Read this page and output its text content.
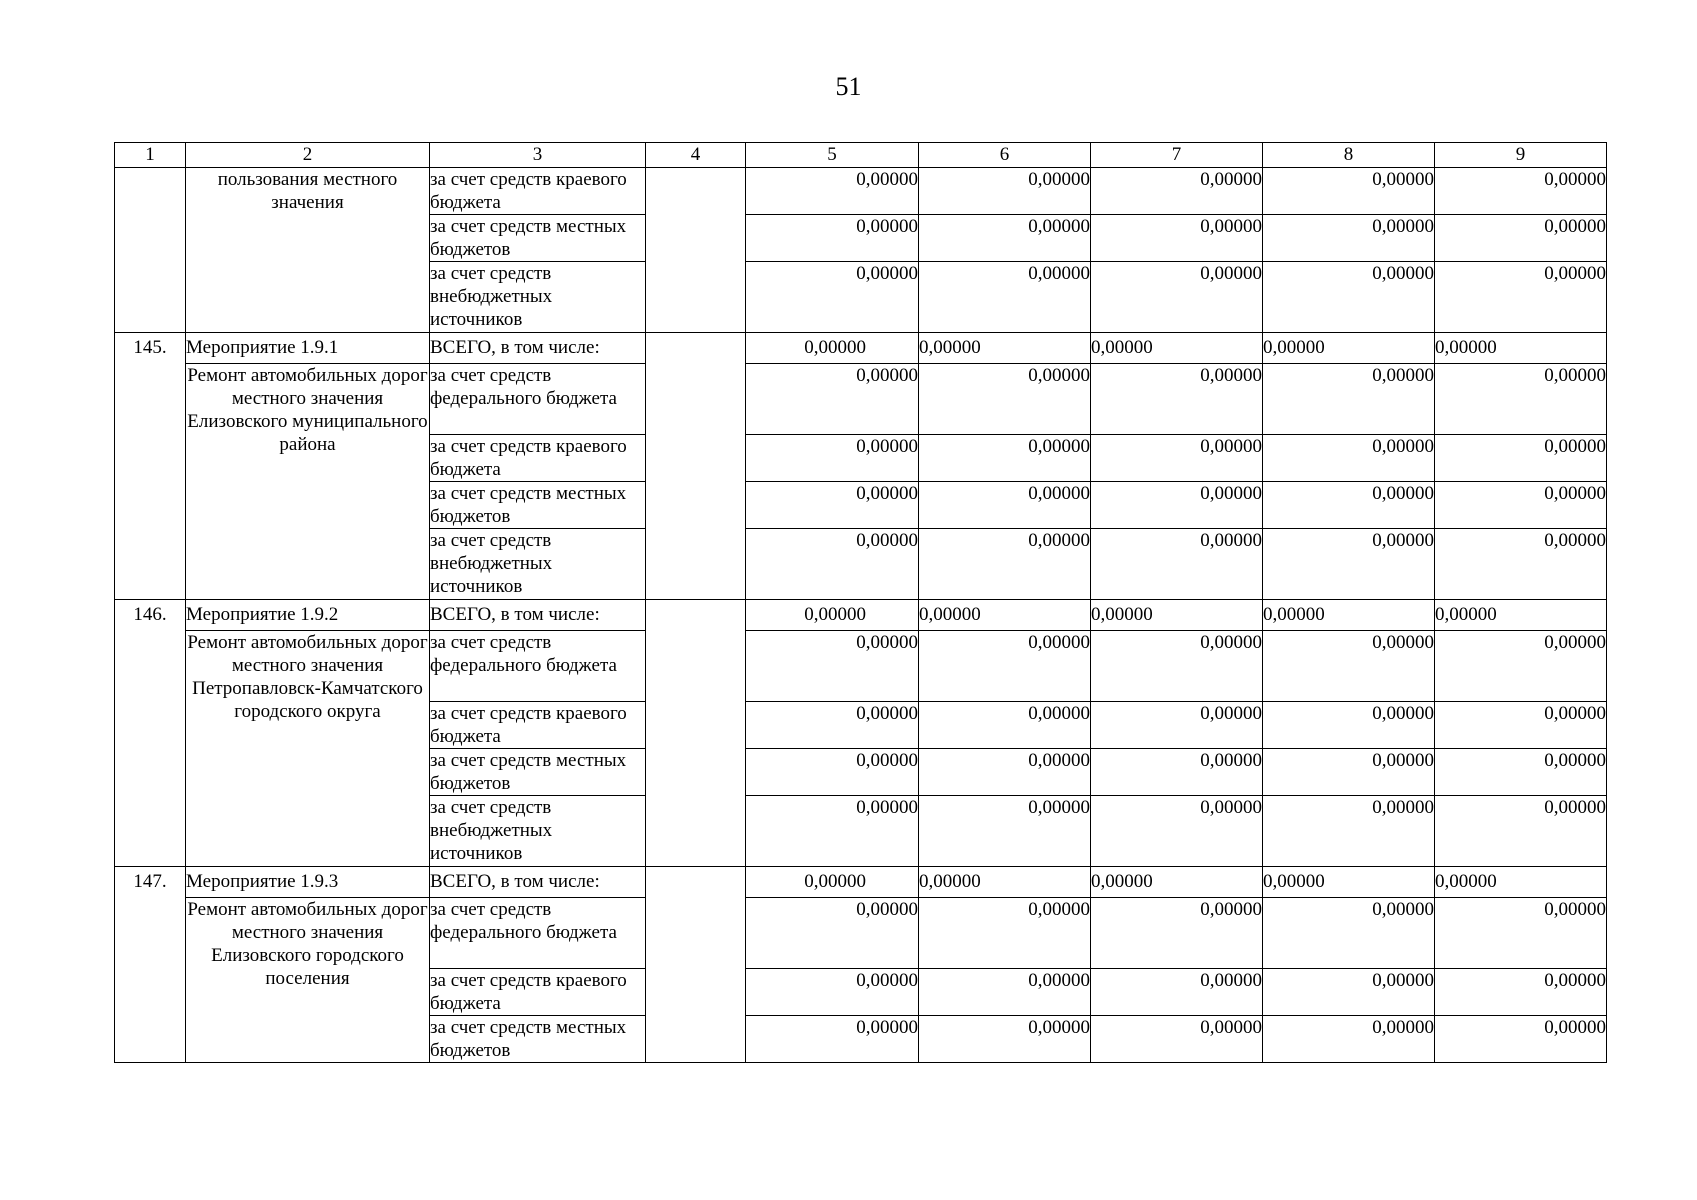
51
1	2	3	4	5	6	7	8	9
	пользования местного значения	за счет средств краевого бюджета		0,00000	0,00000	0,00000	0,00000	0,00000
		за счет средств местных бюджетов		0,00000	0,00000	0,00000	0,00000	0,00000
		за счет средств внебюджетных источников		0,00000	0,00000	0,00000	0,00000	0,00000
145.	Мероприятие 1.9.1	ВСЕГО, в том числе:		0,00000	0,00000	0,00000	0,00000	0,00000
	Ремонт автомобильных дорог местного значения Елизовского муниципального района	за счет средств федерального бюджета		0,00000	0,00000	0,00000	0,00000	0,00000
		за счет средств краевого бюджета		0,00000	0,00000	0,00000	0,00000	0,00000
		за счет средств местных бюджетов		0,00000	0,00000	0,00000	0,00000	0,00000
		за счет средств внебюджетных источников		0,00000	0,00000	0,00000	0,00000	0,00000
146.	Мероприятие 1.9.2	ВСЕГО, в том числе:		0,00000	0,00000	0,00000	0,00000	0,00000
	Ремонт автомобильных дорог местного значения Петропавловск-Камчатского городского округа	за счет средств федерального бюджета		0,00000	0,00000	0,00000	0,00000	0,00000
		за счет средств краевого бюджета		0,00000	0,00000	0,00000	0,00000	0,00000
		за счет средств местных бюджетов		0,00000	0,00000	0,00000	0,00000	0,00000
		за счет средств внебюджетных источников		0,00000	0,00000	0,00000	0,00000	0,00000
147.	Мероприятие 1.9.3	ВСЕГО, в том числе:		0,00000	0,00000	0,00000	0,00000	0,00000
	Ремонт автомобильных дорог местного значения Елизовского городского поселения	за счет средств федерального бюджета		0,00000	0,00000	0,00000	0,00000	0,00000
		за счет средств краевого бюджета		0,00000	0,00000	0,00000	0,00000	0,00000
		за счет средств местных бюджетов		0,00000	0,00000	0,00000	0,00000	0,00000
